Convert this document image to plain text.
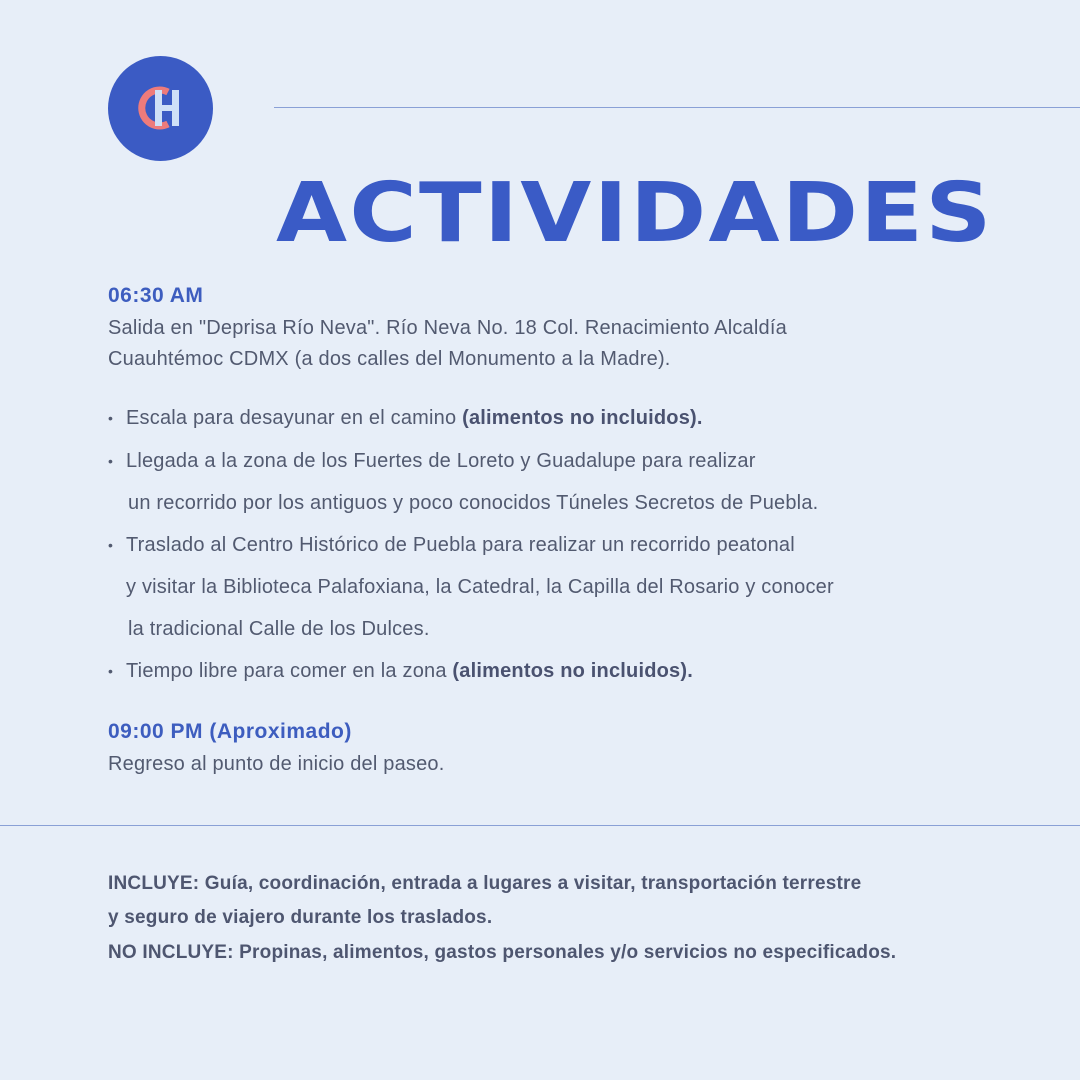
ACTIVIDADES
06:30 AM
Salida en "Deprisa Río Neva". Río Neva No. 18 Col. Renacimiento Alcaldía
Cuauhtémoc CDMX (a dos calles del Monumento a la Madre).
• Escala para desayunar en el camino (alimentos no incluidos).
• Llegada a la zona de los Fuertes de Loreto y Guadalupe para realizar
un recorrido por los antiguos y poco conocidos Túneles Secretos de Puebla.
• Traslado al Centro Histórico de Puebla para realizar un recorrido peatonal
y visitar la Biblioteca Palafoxiana, la Catedral, la Capilla del Rosario y conocer
la tradicional Calle de los Dulces.
• Tiempo libre para comer en la zona (alimentos no incluidos).
09:00 PM (Aproximado)
Regreso al punto de inicio del paseo.
INCLUYE: Guía, coordinación, entrada a lugares a visitar, transportación terrestre
y seguro de viajero durante los traslados.
NO INCLUYE: Propinas, alimentos, gastos personales y/o servicios no especificados.
